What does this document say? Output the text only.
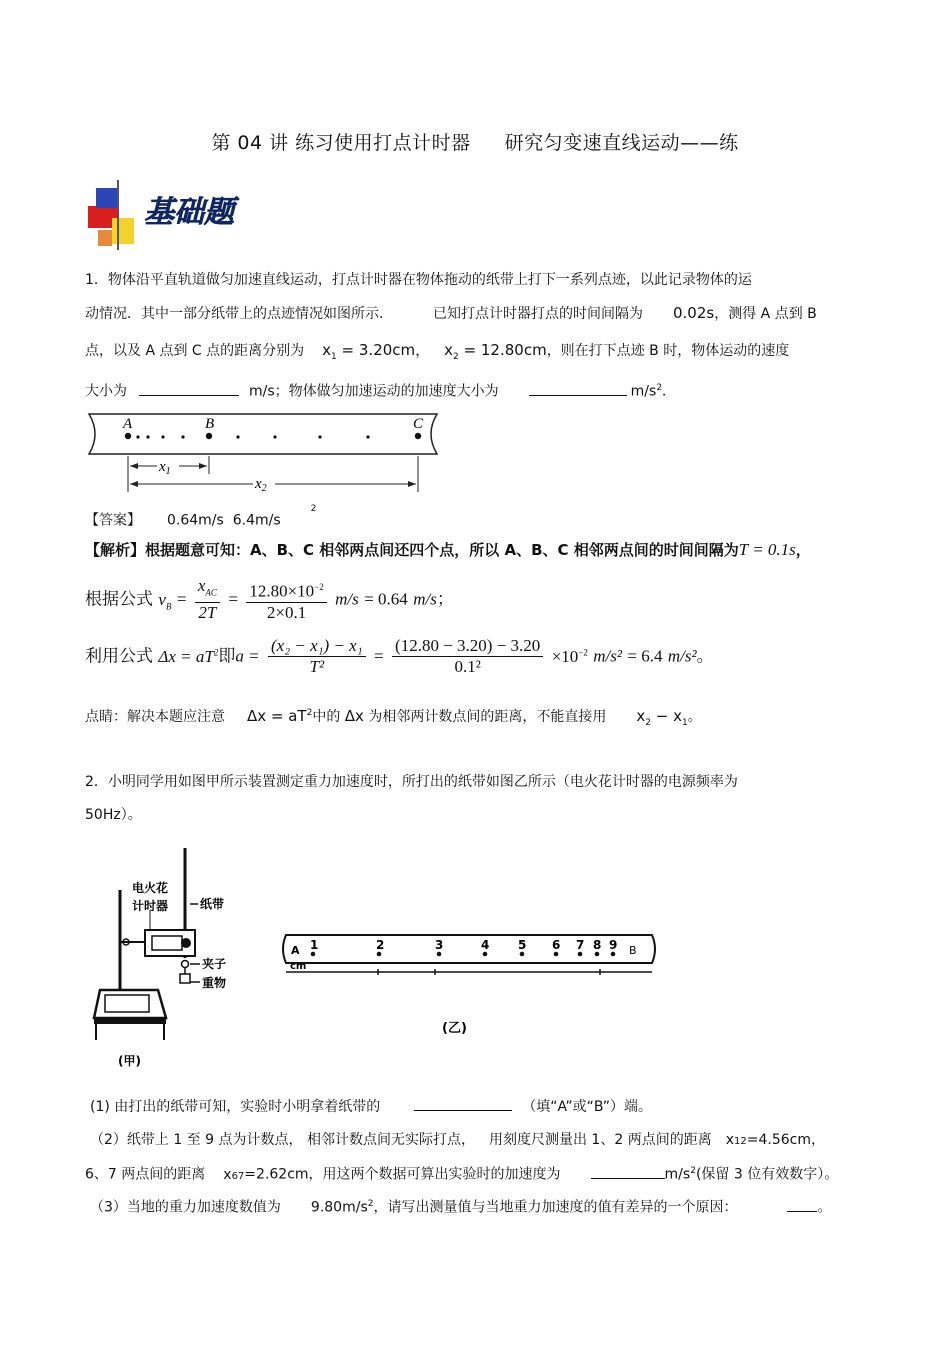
第 04 讲 练习使用打点计时器 研究匀变速直线运动——练
基础题
1．物体沿平直轨道做匀加速直线运动，打点计时器在物体拖动的纸带上打下一系列点迹，以此记录物体的运
动情况．其中一部分纸带上的点迹情况如图所示．	已知打点计时器打点的时间间隔为 0.02s，测得 A 点到 B
点，以及 A 点到 C 点的距离分别为 $x_1 = 3.20cm$， $x_2 = 12.80cm$，则在打下点迹 B 时，物体运动的速度
大小为	m/s；物体做匀加速运动的加速度大小为	$m/s^2$．
A	B	C
$x_1$
$x_2$
【答案】 0.64m/s $6.4m/s^2$
【解析】根据题意可知：A、B、C 相邻两点间还四个点，所以 A、B、C 相邻两点间的时间间隔为T = 0.1s，
根据公式 $v_B = \frac{x_{AC}}{2T} = \frac{12.80\times 10^{-2}}{2\times 0.1} m/s = 0.64$ m/s；
利用公式 $\Delta x = aT^2$即$a = \frac{\text{(x₂ − x₁) − x₁}}{\text{T²}} = \frac{(12.80 - 3.20) - 3.20}{\text{0.1²}} \times 10^{-2}$ m/s² = 6.4 m/s²。
点睛：解决本题应注意 $\Delta x = aT^2$中的 Δx 为相邻两计数点间的距离，不能直接用 $x_2 - x_1$。
2．小明同学用如图甲所示装置测定重力加速度时，所打出的纸带如图乙所示（电火花计时器的电源频率为
50Hz）。
电火花
计时器	纸带
夹子
重物
(甲)
A
cm
B
1	2	3	4 5 6 7 8 9
(乙)
(1) 由打出的纸带可知，实验时小明拿着纸带的	（填“A”或“B”）端。
（2）纸带上 1 至 9 点为计数点， 相邻计数点间无实际打点， 用刻度尺测量出 1、2 两点间的距离 x12=4.56cm，
6、7 两点间的距离 x67=2.62cm，用这两个数据可算出实验时的加速度为	$m/s^2$(保留 3 位有效数字）。
（3）当地的重力加速度数值为 $9.80m/s^2$，请写出测量值与当地重力加速度的值有差异的一个原因：	。
